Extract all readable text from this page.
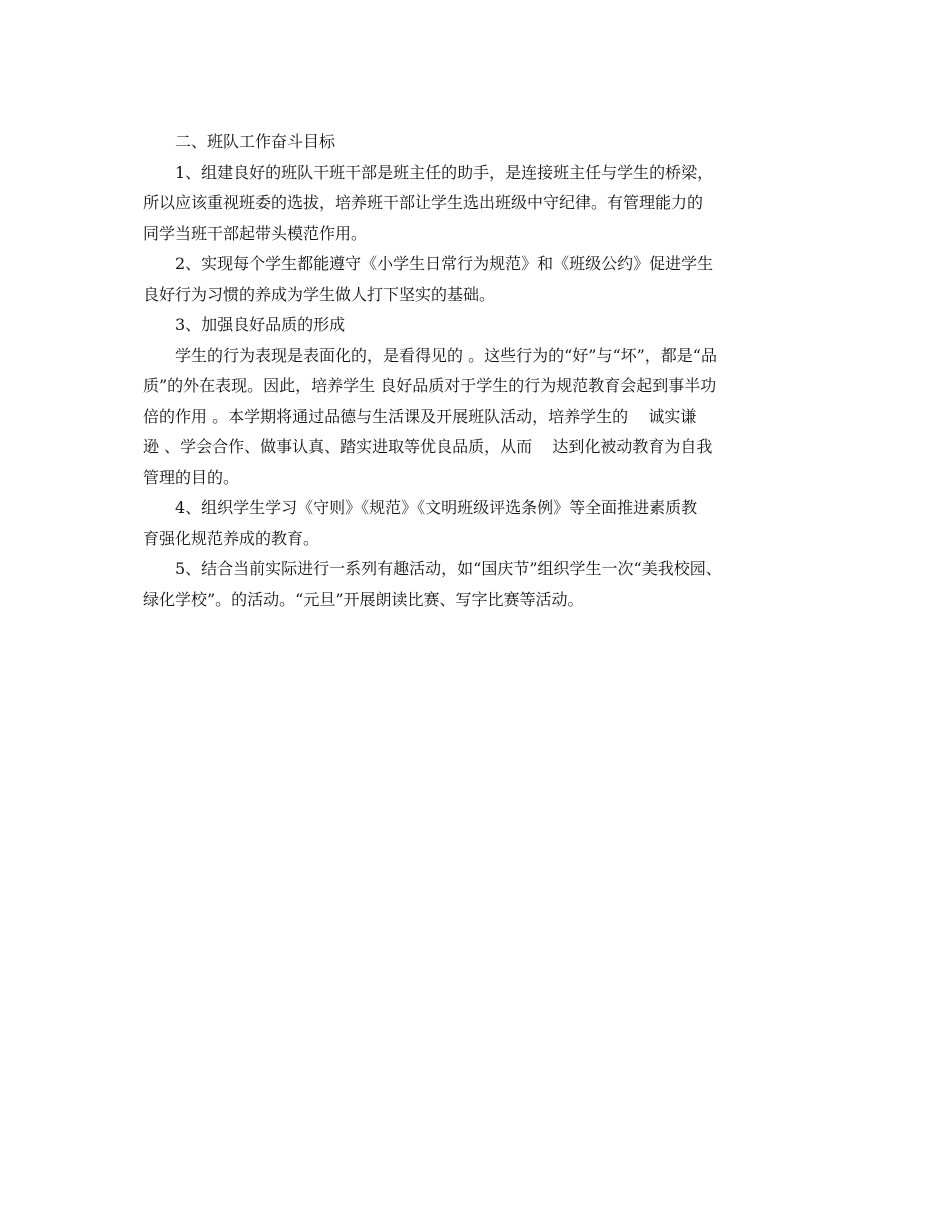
二、班队工作奋斗目标
1、组建良好的班队干班干部是班主任的助手，是连接班主任与学生的桥梁，
所以应该重视班委的选拔，培养班干部让学生选出班级中守纪律。有管理能力的
同学当班干部起带头模范作用。
2、实现每个学生都能遵守《小学生日常行为规范》和《班级公约》促进学生
良好行为习惯的养成为学生做人打下坚实的基础。
3、加强良好品质的形成
学生的行为表现是表面化的，是看得见的 。这些行为的“好”与“坏”，都是“品
质”的外在表现。因此，培养学生 良好品质对于学生的行为规范教育会起到事半功
倍的作用 。本学期将通过品德与生活课及开展班队活动，培养学生的    诚实谦
逊 、学会合作、做事认真、踏实进取等优良品质，从而    达到化被动教育为自我
管理的目的。
4、组织学生学习《守则》《规范》《文明班级评选条例》等全面推进素质教
育强化规范养成的教育。
5、结合当前实际进行一系列有趣活动，如“国庆节”组织学生一次“美我校园、
绿化学校”。的活动。“元旦”开展朗读比赛、写字比赛等活动。
